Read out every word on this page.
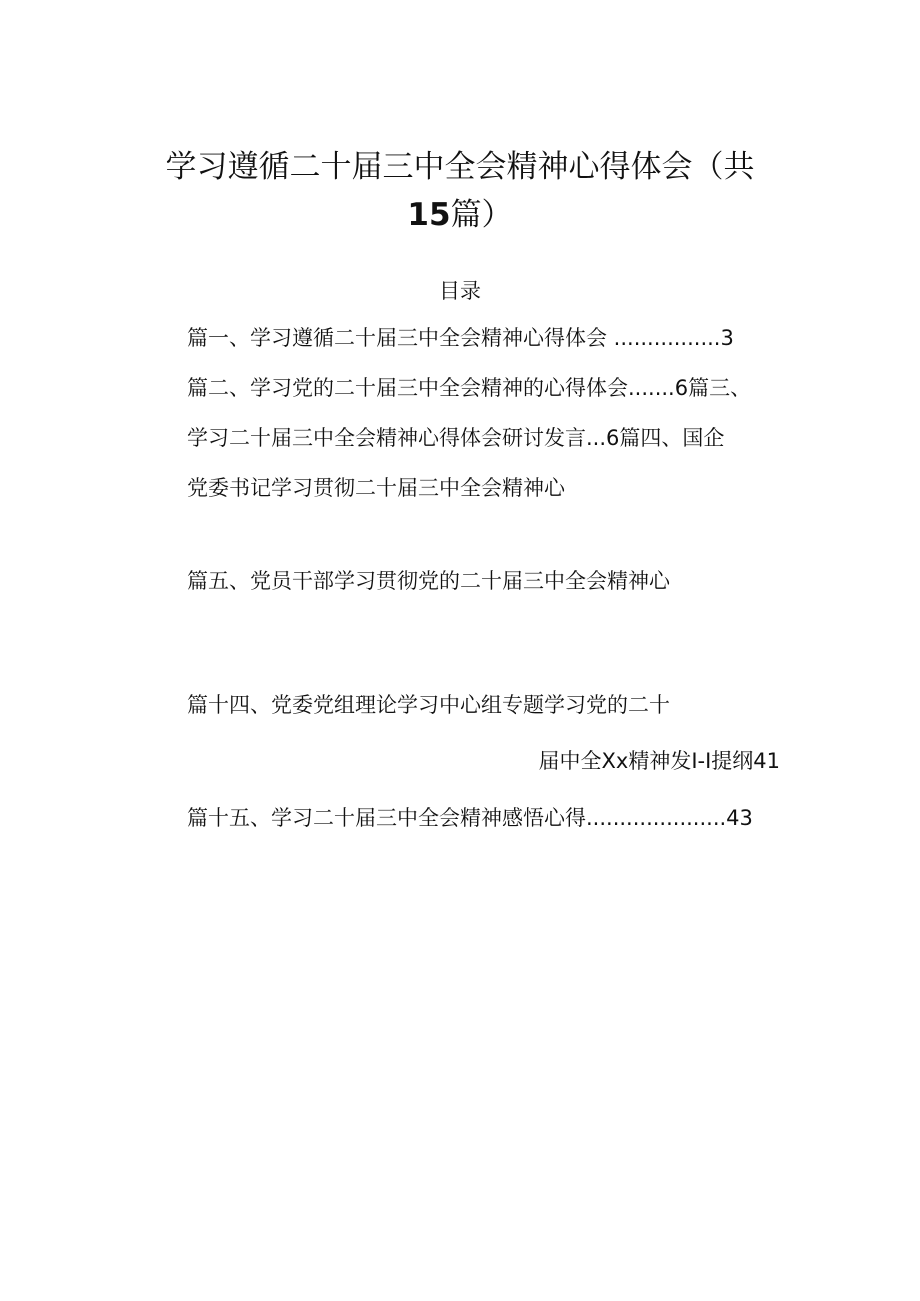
学习遵循二十届三中全会精神心得体会（共
15篇）
目录
篇一、学习遵循二十届三中全会精神心得体会 ................3
篇二、学习党的二十届三中全会精神的心得体会.......6篇三、
学习二十届三中全会精神心得体会研讨发言...6篇四、国企
党委书记学习贯彻二十届三中全会精神心
篇五、党员干部学习贯彻党的二十届三中全会精神心
篇十四、党委党组理论学习中心组专题学习党的二十
届中全Xx精神发I-I提纲41
篇十五、学习二十届三中全会精神感悟心得.....................43
